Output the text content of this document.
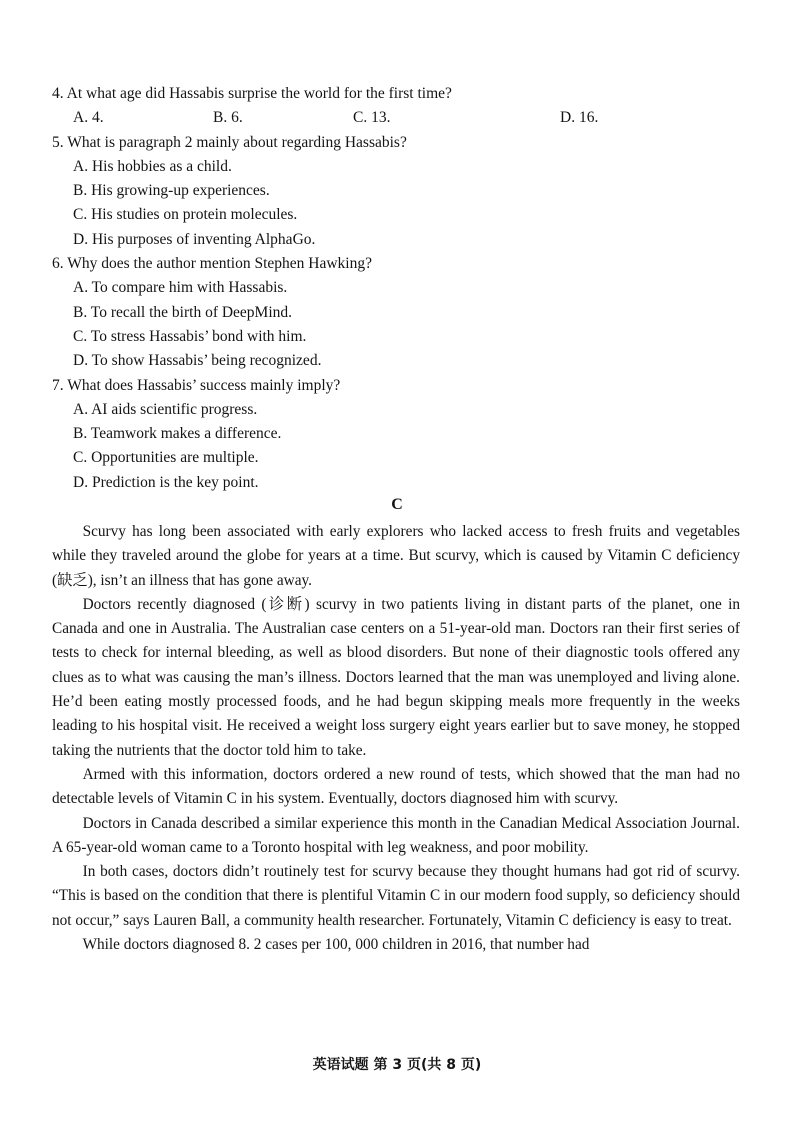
4. At what age did Hassabis surprise the world for the first time?
A. 4.	B. 6.	C. 13.	D. 16.
5. What is paragraph 2 mainly about regarding Hassabis?
A. His hobbies as a child.
B. His growing-up experiences.
C. His studies on protein molecules.
D. His purposes of inventing AlphaGo.
6. Why does the author mention Stephen Hawking?
A. To compare him with Hassabis.
B. To recall the birth of DeepMind.
C. To stress Hassabis’ bond with him.
D. To show Hassabis’ being recognized.
7. What does Hassabis’ success mainly imply?
A. AI aids scientific progress.
B. Teamwork makes a difference.
C. Opportunities are multiple.
D. Prediction is the key point.
C

Scurvy has long been associated with early explorers who lacked access to fresh fruits and vegetables while they traveled around the globe for years at a time. But scurvy, which is caused by Vitamin C deficiency (缺乏), isn’t an illness that has gone away.

Doctors recently diagnosed (诊断) scurvy in two patients living in distant parts of the planet, one in Canada and one in Australia. The Australian case centers on a 51-year-old man. Doctors ran their first series of tests to check for internal bleeding, as well as blood disorders. But none of their diagnostic tools offered any clues as to what was causing the man’s illness. Doctors learned that the man was unemployed and living alone. He’d been eating mostly processed foods, and he had begun skipping meals more frequently in the weeks leading to his hospital visit. He received a weight loss surgery eight years earlier but to save money, he stopped taking the nutrients that the doctor told him to take.

Armed with this information, doctors ordered a new round of tests, which showed that the man had no detectable levels of Vitamin C in his system. Eventually, doctors diagnosed him with scurvy.

Doctors in Canada described a similar experience this month in the Canadian Medical Association Journal. A 65-year-old woman came to a Toronto hospital with leg weakness, and poor mobility.

In both cases, doctors didn’t routinely test for scurvy because they thought humans had got rid of scurvy. “This is based on the condition that there is plentiful Vitamin C in our modern food supply, so deficiency should not occur,” says Lauren Ball, a community health researcher. Fortunately, Vitamin C deficiency is easy to treat.

While doctors diagnosed 8. 2 cases per 100, 000 children in 2016, that number had

英语试题 第 3 页(共 8 页)
